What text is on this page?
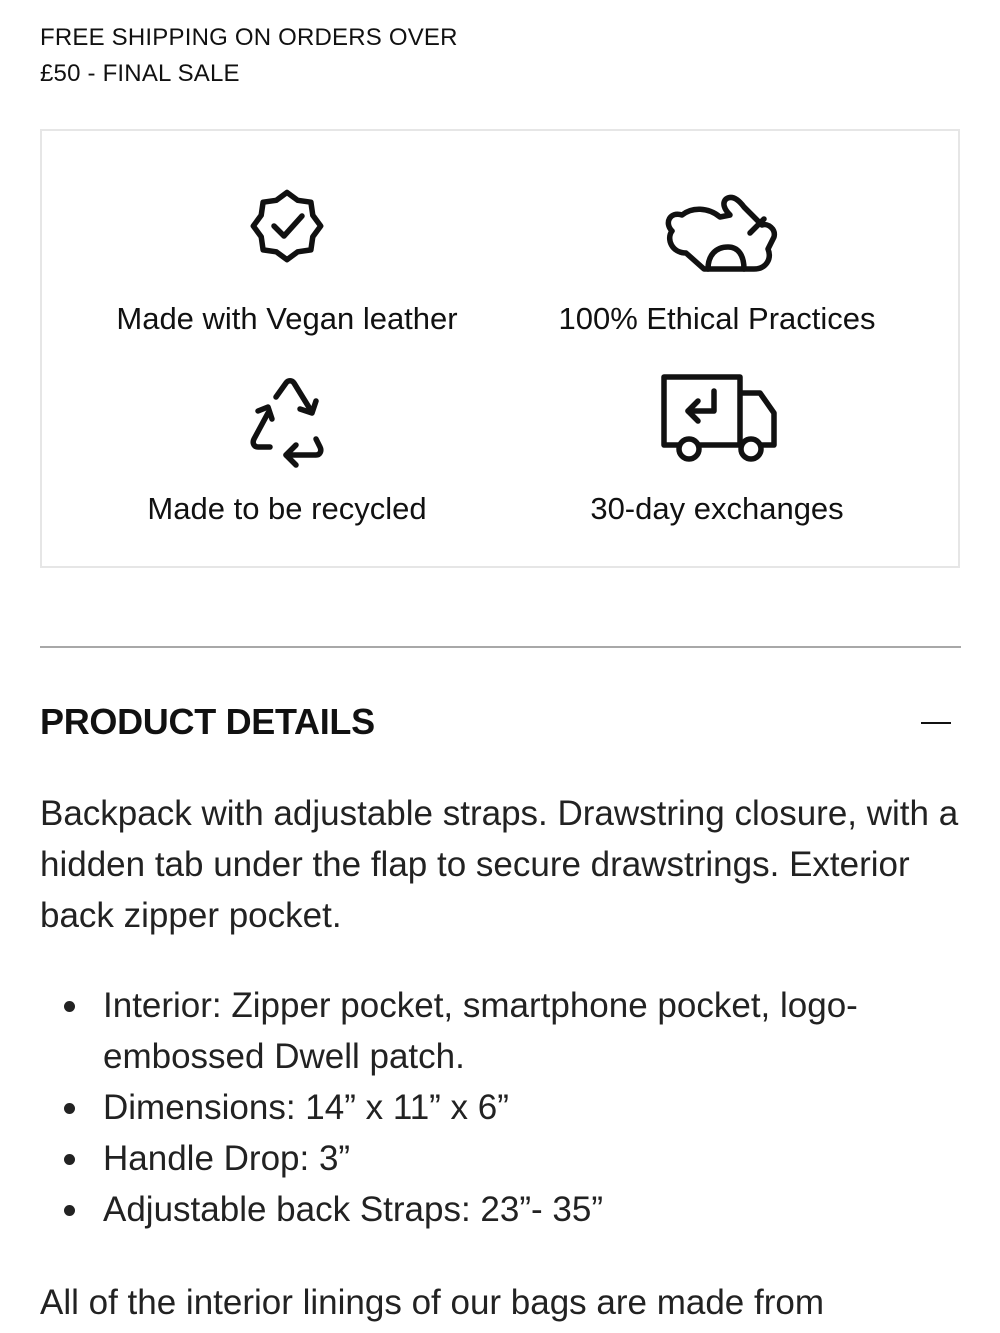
FREE SHIPPING ON ORDERS OVER
£50 - FINAL SALE
Made with Vegan leather	100% Ethical Practices
Made to be recycled	30-day exchanges
PRODUCT DETAILS

Backpack with adjustable straps. Drawstring closure, with a hidden tab under the flap to secure drawstrings. Exterior back zipper pocket.

Interior: Zipper pocket, smartphone pocket, logo-embossed Dwell patch.
Dimensions: 14” x 11” x 6”
Handle Drop: 3”
Adjustable back Straps: 23”- 35”

All of the interior linings of our bags are made from
